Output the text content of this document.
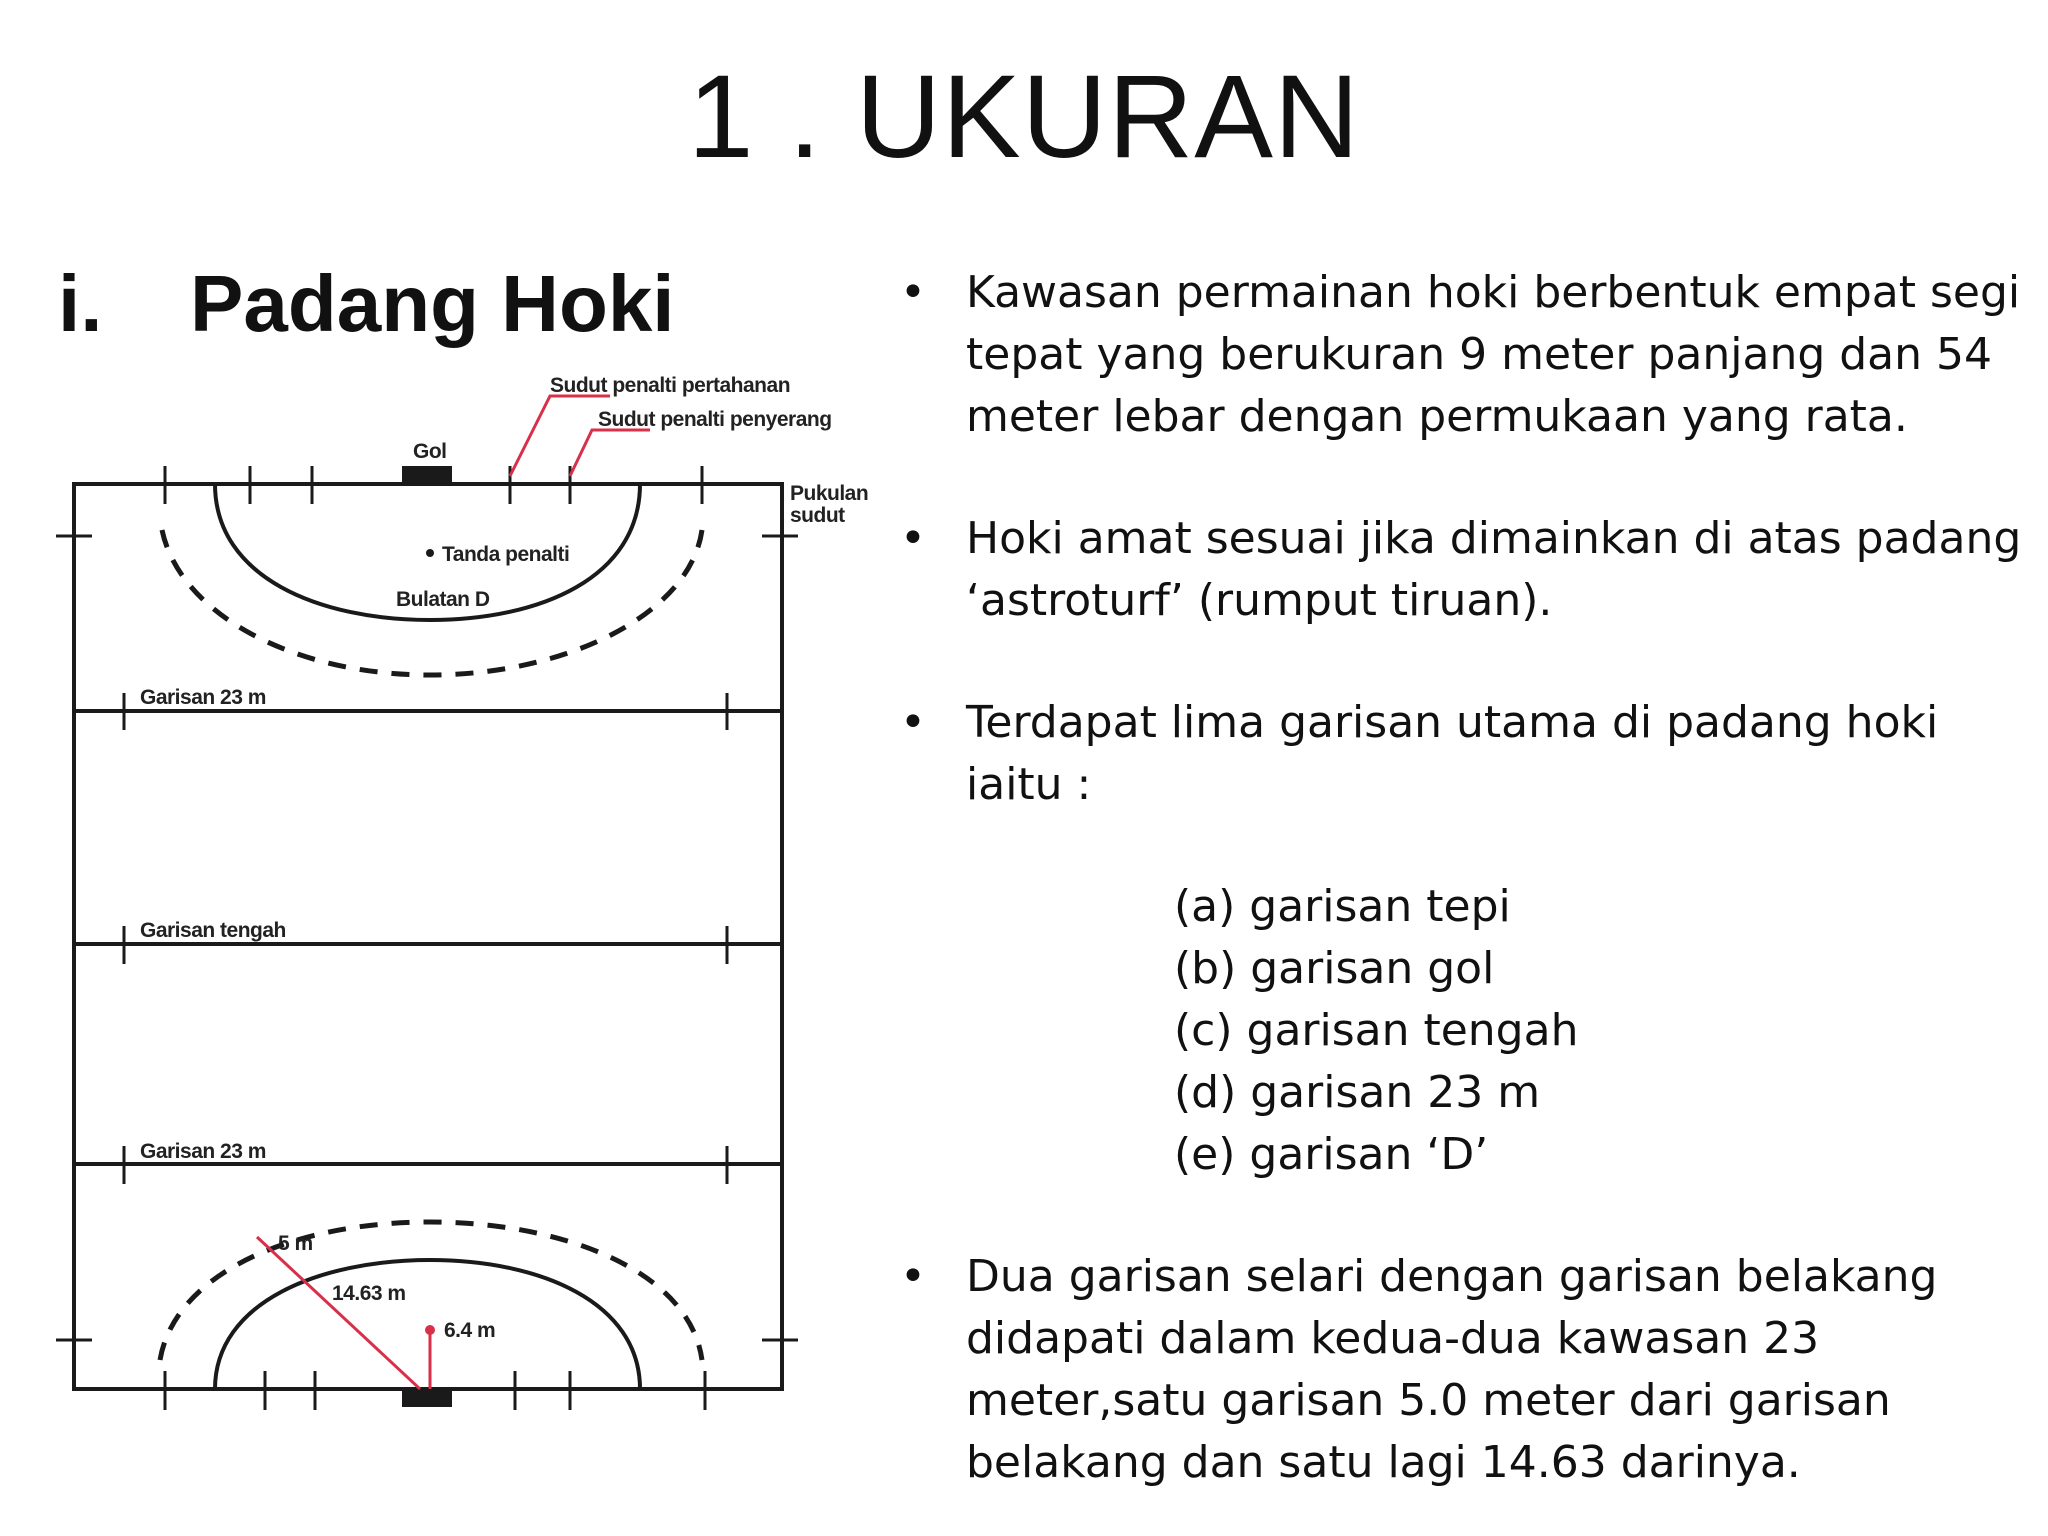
1 . UKURAN
i. Padang Hoki
Sudut penalti pertahanan
Sudut penalti penyerang
Gol
Pukulan
sudut
Tanda penalti
Bulatan D
Garisan 23 m
Garisan tengah
Garisan 23 m
5 m
14.63 m
6.4 m
• Kawasan permainan hoki berbentuk empat segi tepat yang berukuran 9 meter panjang dan 54 meter lebar dengan permukaan yang rata.
• Hoki amat sesuai jika dimainkan di atas padang ‘astroturf’ (rumput tiruan).
• Terdapat lima garisan utama di padang hoki iaitu :
(a) garisan tepi
(b) garisan gol
(c) garisan tengah
(d) garisan 23 m
(e) garisan ‘D’
• Dua garisan selari dengan garisan belakang didapati dalam kedua-dua kawasan 23 meter,satu garisan 5.0 meter dari garisan belakang dan satu lagi 14.63 darinya.
